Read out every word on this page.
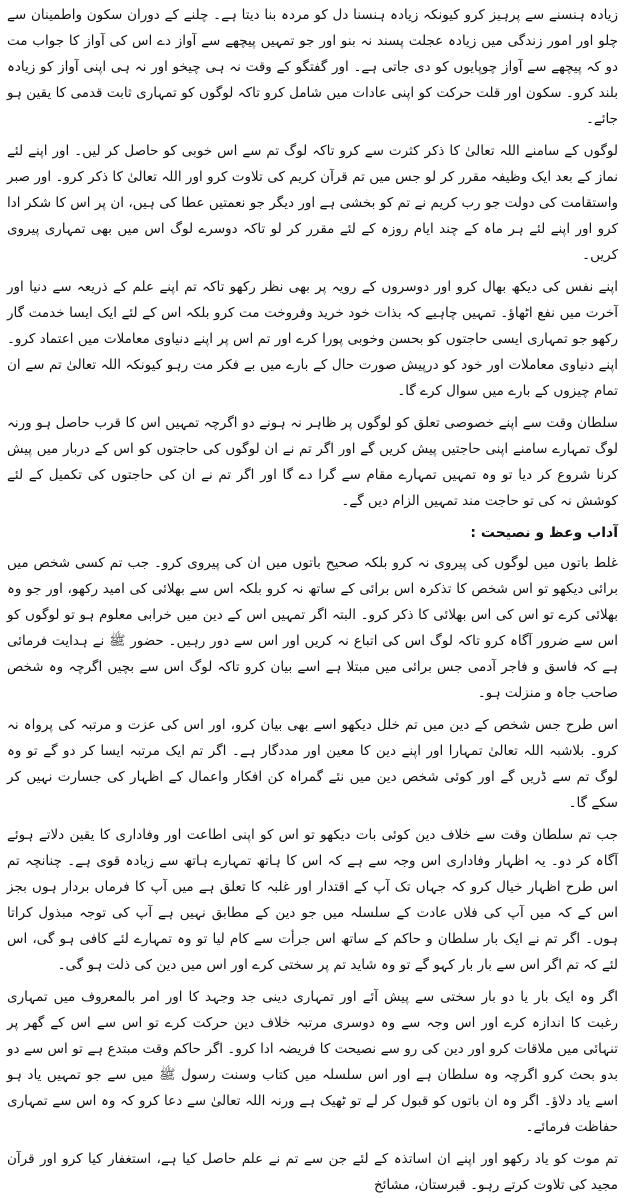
زیادہ ہنسنے سے پرہیز کرو کیونکہ زیادہ ہنسنا دل کو مردہ بنا دیتا ہے۔ چلنے کے دوران سکون واطمینان سے چلو اور امور زندگی میں زیادہ عجلت پسند نہ بنو اور جو تمہیں پیچھے سے آواز دے اس کی آواز کا جواب مت دو کہ پیچھے سے آواز چوپایوں کو دی جاتی ہے۔ اور گفتگو کے وقت نہ ہی چیخو اور نہ ہی اپنی آواز کو زیادہ بلند کرو۔ سکون اور قلت حرکت کو اپنی عادات میں شامل کرو تاکہ لوگوں کو تمہاری ثابت قدمی کا یقین ہو جائے۔

لوگوں کے سامنے اللہ تعالیٰ کا ذکر کثرت سے کرو تاکہ لوگ تم سے اس خوبی کو حاصل کر لیں۔ اور اپنے لئے نماز کے بعد ایک وظیفہ مقرر کر لو جس میں تم قرآن کریم کی تلاوت کرو اور اللہ تعالیٰ کا ذکر کرو۔ اور صبر واستقامت کی دولت جو رب کریم نے تم کو بخشی ہے اور دیگر جو نعمتیں عطا کی ہیں، ان پر اس کا شکر ادا کرو اور اپنے لئے ہر ماہ کے چند ایام روزہ کے لئے مقرر کر لو تاکہ دوسرے لوگ اس میں بھی تمہاری پیروی کریں۔

اپنے نفس کی دیکھ بھال کرو اور دوسروں کے رویہ پر بھی نظر رکھو تاکہ تم اپنے علم کے ذریعہ سے دنیا اور آخرت میں نفع اٹھاؤ۔ تمہیں چاہیے کہ بذات خود خرید وفروخت مت کرو بلکہ اس کے لئے ایک ایسا خدمت گار رکھو جو تمہاری ایسی حاجتوں کو بحسن وخوبی پورا کرے اور تم اس پر اپنے دنیاوی معاملات میں اعتماد کرو۔ اپنے دنیاوی معاملات اور خود کو درپیش صورت حال کے بارے میں بے فکر مت رہو کیونکہ اللہ تعالیٰ تم سے ان تمام چیزوں کے بارے میں سوال کرے گا۔

سلطان وقت سے اپنے خصوصی تعلق کو لوگوں پر ظاہر نہ ہونے دو اگرچہ تمہیں اس کا قرب حاصل ہو ورنہ لوگ تمہارے سامنے اپنی حاجتیں پیش کریں گے اور اگر تم نے ان لوگوں کی حاجتوں کو اس کے دربار میں پیش کرنا شروع کر دیا تو وہ تمہیں تمہارے مقام سے گرا دے گا اور اگر تم نے ان کی حاجتوں کی تکمیل کے لئے کوشش نہ کی تو حاجت مند تمہیں الزام دیں گے۔

آداب وعظ و نصیحت :

غلط باتوں میں لوگوں کی پیروی نہ کرو بلکہ صحیح باتوں میں ان کی پیروی کرو۔ جب تم کسی شخص میں برائی دیکھو تو اس شخص کا تذکرہ اس برائی کے ساتھ نہ کرو بلکہ اس سے بھلائی کی امید رکھو، اور جو وہ بھلائی کرے تو اس کی اس بھلائی کا ذکر کرو۔ البتہ اگر تمہیں اس کے دین میں خرابی معلوم ہو تو لوگوں کو اس سے ضرور آگاہ کرو تاکہ لوگ اس کی اتباع نہ کریں اور اس سے دور رہیں۔ حضور ﷺ نے ہدایت فرمائی ہے کہ فاسق و فاجر آدمی جس برائی میں مبتلا ہے اسے بیان کرو تاکہ لوگ اس سے بچیں اگرچہ وہ شخص صاحب جاہ و منزلت ہو۔

اس طرح جس شخص کے دین میں تم خلل دیکھو اسے بھی بیان کرو، اور اس کی عزت و مرتبہ کی پرواہ نہ کرو۔ بلاشبہ اللہ تعالیٰ تمہارا اور اپنے دین کا معین اور مددگار ہے۔ اگر تم ایک مرتبہ ایسا کر دو گے تو وہ لوگ تم سے ڈریں گے اور کوئی شخص دین میں نئے گمراہ کن افکار واعمال کے اظہار کی جسارت نہیں کر سکے گا۔

جب تم سلطان وقت سے خلاف دین کوئی بات دیکھو تو اس کو اپنی اطاعت اور وفاداری کا یقین دلاتے ہوئے آگاہ کر دو۔ یہ اظہار وفاداری اس وجہ سے ہے کہ اس کا ہاتھ تمہارے ہاتھ سے زیادہ قوی ہے۔ چنانچہ تم اس طرح اظہار خیال کرو کہ جہاں تک آپ کے اقتدار اور غلبہ کا تعلق ہے میں آپ کا فرماں بردار ہوں بجز اس کے کہ میں آپ کی فلاں عادت کے سلسلہ میں جو دین کے مطابق نہیں ہے آپ کی توجہ مبذول کراتا ہوں۔ اگر تم نے ایک بار سلطان و حاکم کے ساتھ اس جرأت سے کام لیا تو وہ تمہارے لئے کافی ہو گی، اس لئے کہ تم اگر اس سے بار بار کہو گے تو وہ شاید تم پر سختی کرے اور اس میں دین کی ذلت ہو گی۔

اگر وہ ایک بار یا دو بار سختی سے پیش آئے اور تمہاری دینی جد وجہد کا اور امر بالمعروف میں تمہاری رغبت کا اندازہ کرے اور اس وجہ سے وہ دوسری مرتبہ خلاف دین حرکت کرے تو اس سے اس کے گھر پر تنہائی میں ملاقات کرو اور دین کی رو سے نصیحت کا فریضہ ادا کرو۔ اگر حاکم وقت مبتدع ہے تو اس سے دو بدو بحث کرو اگرچہ وہ سلطان ہے اور اس سلسلہ میں کتاب وسنت رسول ﷺ میں سے جو تمہیں یاد ہو اسے یاد دلاؤ۔ اگر وہ ان باتوں کو قبول کر لے تو ٹھیک ہے ورنہ اللہ تعالیٰ سے دعا کرو کہ وہ اس سے تمہاری حفاظت فرمائے۔

تم موت کو یاد رکھو اور اپنے ان اساتذہ کے لئے جن سے تم نے علم حاصل کیا ہے، استغفار کیا کرو اور قرآن مجید کی تلاوت کرتے رہو۔ قبرستان، مشائخ
